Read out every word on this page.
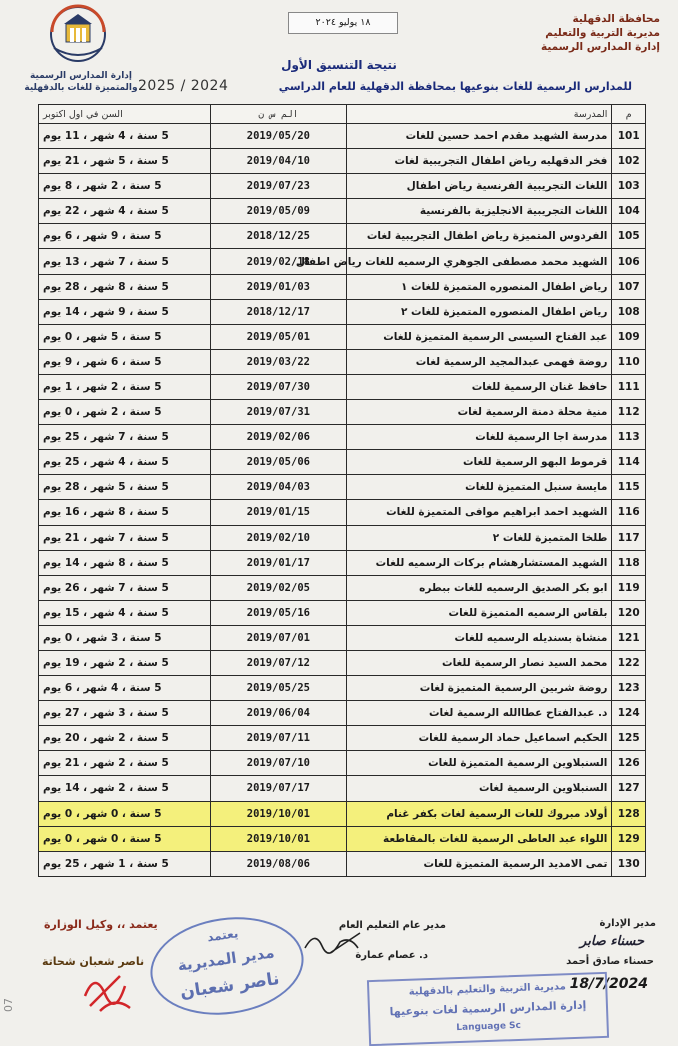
محافظة الدقهلية
مديرية التربية والتعليم
إدارة المدارس الرسمية
١٨ يوليو ٢٠٢٤
إدارة المدارس الرسمية
والمتميزة للغات بالدقهلية
نتيجة التنسيق الأول
للمدارس الرسمية للغات بنوعيها بمحافظة الدقهلية للعام الدراسي
2025 / 2024
م	المدرسة	الم س ن	السن في اول اكتوبر
101	مدرسة الشهيد مقدم احمد حسين للغات	2019/05/20	5 سنة ، 4 شهر ، 11 يوم
102	فخر الدقهليه رياض اطفال التجريبية لغات	2019/04/10	5 سنة ، 5 شهر ، 21 يوم
103	اللغات التجريبية الفرنسية رياض اطفال	2019/07/23	5 سنة ، 2 شهر ، 8 يوم
104	اللغات التجريبية الانجليزية بالفرنسية	2019/05/09	5 سنة ، 4 شهر ، 22 يوم
105	الفردوس المتميزة رياض اطفال التجريبية لغات	2018/12/25	5 سنة ، 9 شهر ، 6 يوم
106	الشهيد محمد مصطفى الجوهري الرسميه للغات رياض اطفال	2019/02/18	5 سنة ، 7 شهر ، 13 يوم
107	رياض اطفال المنصوره المتميزة للغات ١	2019/01/03	5 سنة ، 8 شهر ، 28 يوم
108	رياض اطفال المنصوره المتميزة للغات ٢	2018/12/17	5 سنة ، 9 شهر ، 14 يوم
109	عبد الفتاح السيسى الرسمية المتميزة للغات	2019/05/01	5 سنة ، 5 شهر ، 0 يوم
110	روضة فهمى عبدالمجيد الرسمية لغات	2019/03/22	5 سنة ، 6 شهر ، 9 يوم
111	حافظ غنان الرسمية للغات	2019/07/30	5 سنة ، 2 شهر ، 1 يوم
112	منية محلة دمنة الرسمية لغات	2019/07/31	5 سنة ، 2 شهر ، 0 يوم
113	مدرسة اجا الرسمية للغات	2019/02/06	5 سنة ، 7 شهر ، 25 يوم
114	قرموط البهو الرسمية للغات	2019/05/06	5 سنة ، 4 شهر ، 25 يوم
115	مايسة سنبل المتميزة للغات	2019/04/03	5 سنة ، 5 شهر ، 28 يوم
116	الشهيد احمد ابراهيم موافى المتميزة للغات	2019/01/15	5 سنة ، 8 شهر ، 16 يوم
117	طلخا المتميزة للغات ٢	2019/02/10	5 سنة ، 7 شهر ، 21 يوم
118	الشهيد المستشارهشام بركات الرسميه للغات	2019/01/17	5 سنة ، 8 شهر ، 14 يوم
119	ابو بكر الصديق الرسميه للغات ببطره	2019/02/05	5 سنة ، 7 شهر ، 26 يوم
120	بلقاس الرسميه المتميزة للغات	2019/05/16	5 سنة ، 4 شهر ، 15 يوم
121	منشاة بسنديله الرسميه للغات	2019/07/01	5 سنة ، 3 شهر ، 0 يوم
122	محمد السيد نصار الرسمية للغات	2019/07/12	5 سنة ، 2 شهر ، 19 يوم
123	روضة شربين الرسمية المتميزة لغات	2019/05/25	5 سنة ، 4 شهر ، 6 يوم
124	د. عبدالفتاح عطاالله الرسمية لغات	2019/06/04	5 سنة ، 3 شهر ، 27 يوم
125	الحكيم اسماعيل حماد الرسمية للغات	2019/07/11	5 سنة ، 2 شهر ، 20 يوم
126	السنبلاوين الرسمية المتميزة للغات	2019/07/10	5 سنة ، 2 شهر ، 21 يوم
127	السنبلاوين الرسمية لغات	2019/07/17	5 سنة ، 2 شهر ، 14 يوم
128	أولاد مبروك للغات الرسمية لغات بكفر غنام	2019/10/01	5 سنة ، 0 شهر ، 0 يوم
129	اللواء عبد العاطى الرسمية للغات بالمقاطعة	2019/10/01	5 سنة ، 0 شهر ، 0 يوم
130	تمى الامديد الرسمية المتميزة للغات	2019/08/06	5 سنة ، 1 شهر ، 25 يوم
مدير الإدارة
حسناء صابر
حسناء صادق أحمد
18/7/2024
مدير عام التعليم العام
د. عصام عمارة
يعتمد ،، وكيل الوزارة
ناصر شعبان شحاتة
يعتمد
مدير المديرية
ناصر شعبان	مديرية التربية والتعليم بالدقهلية
إدارة المدارس الرسمية لغات بنوعيها
Language Sc
07
